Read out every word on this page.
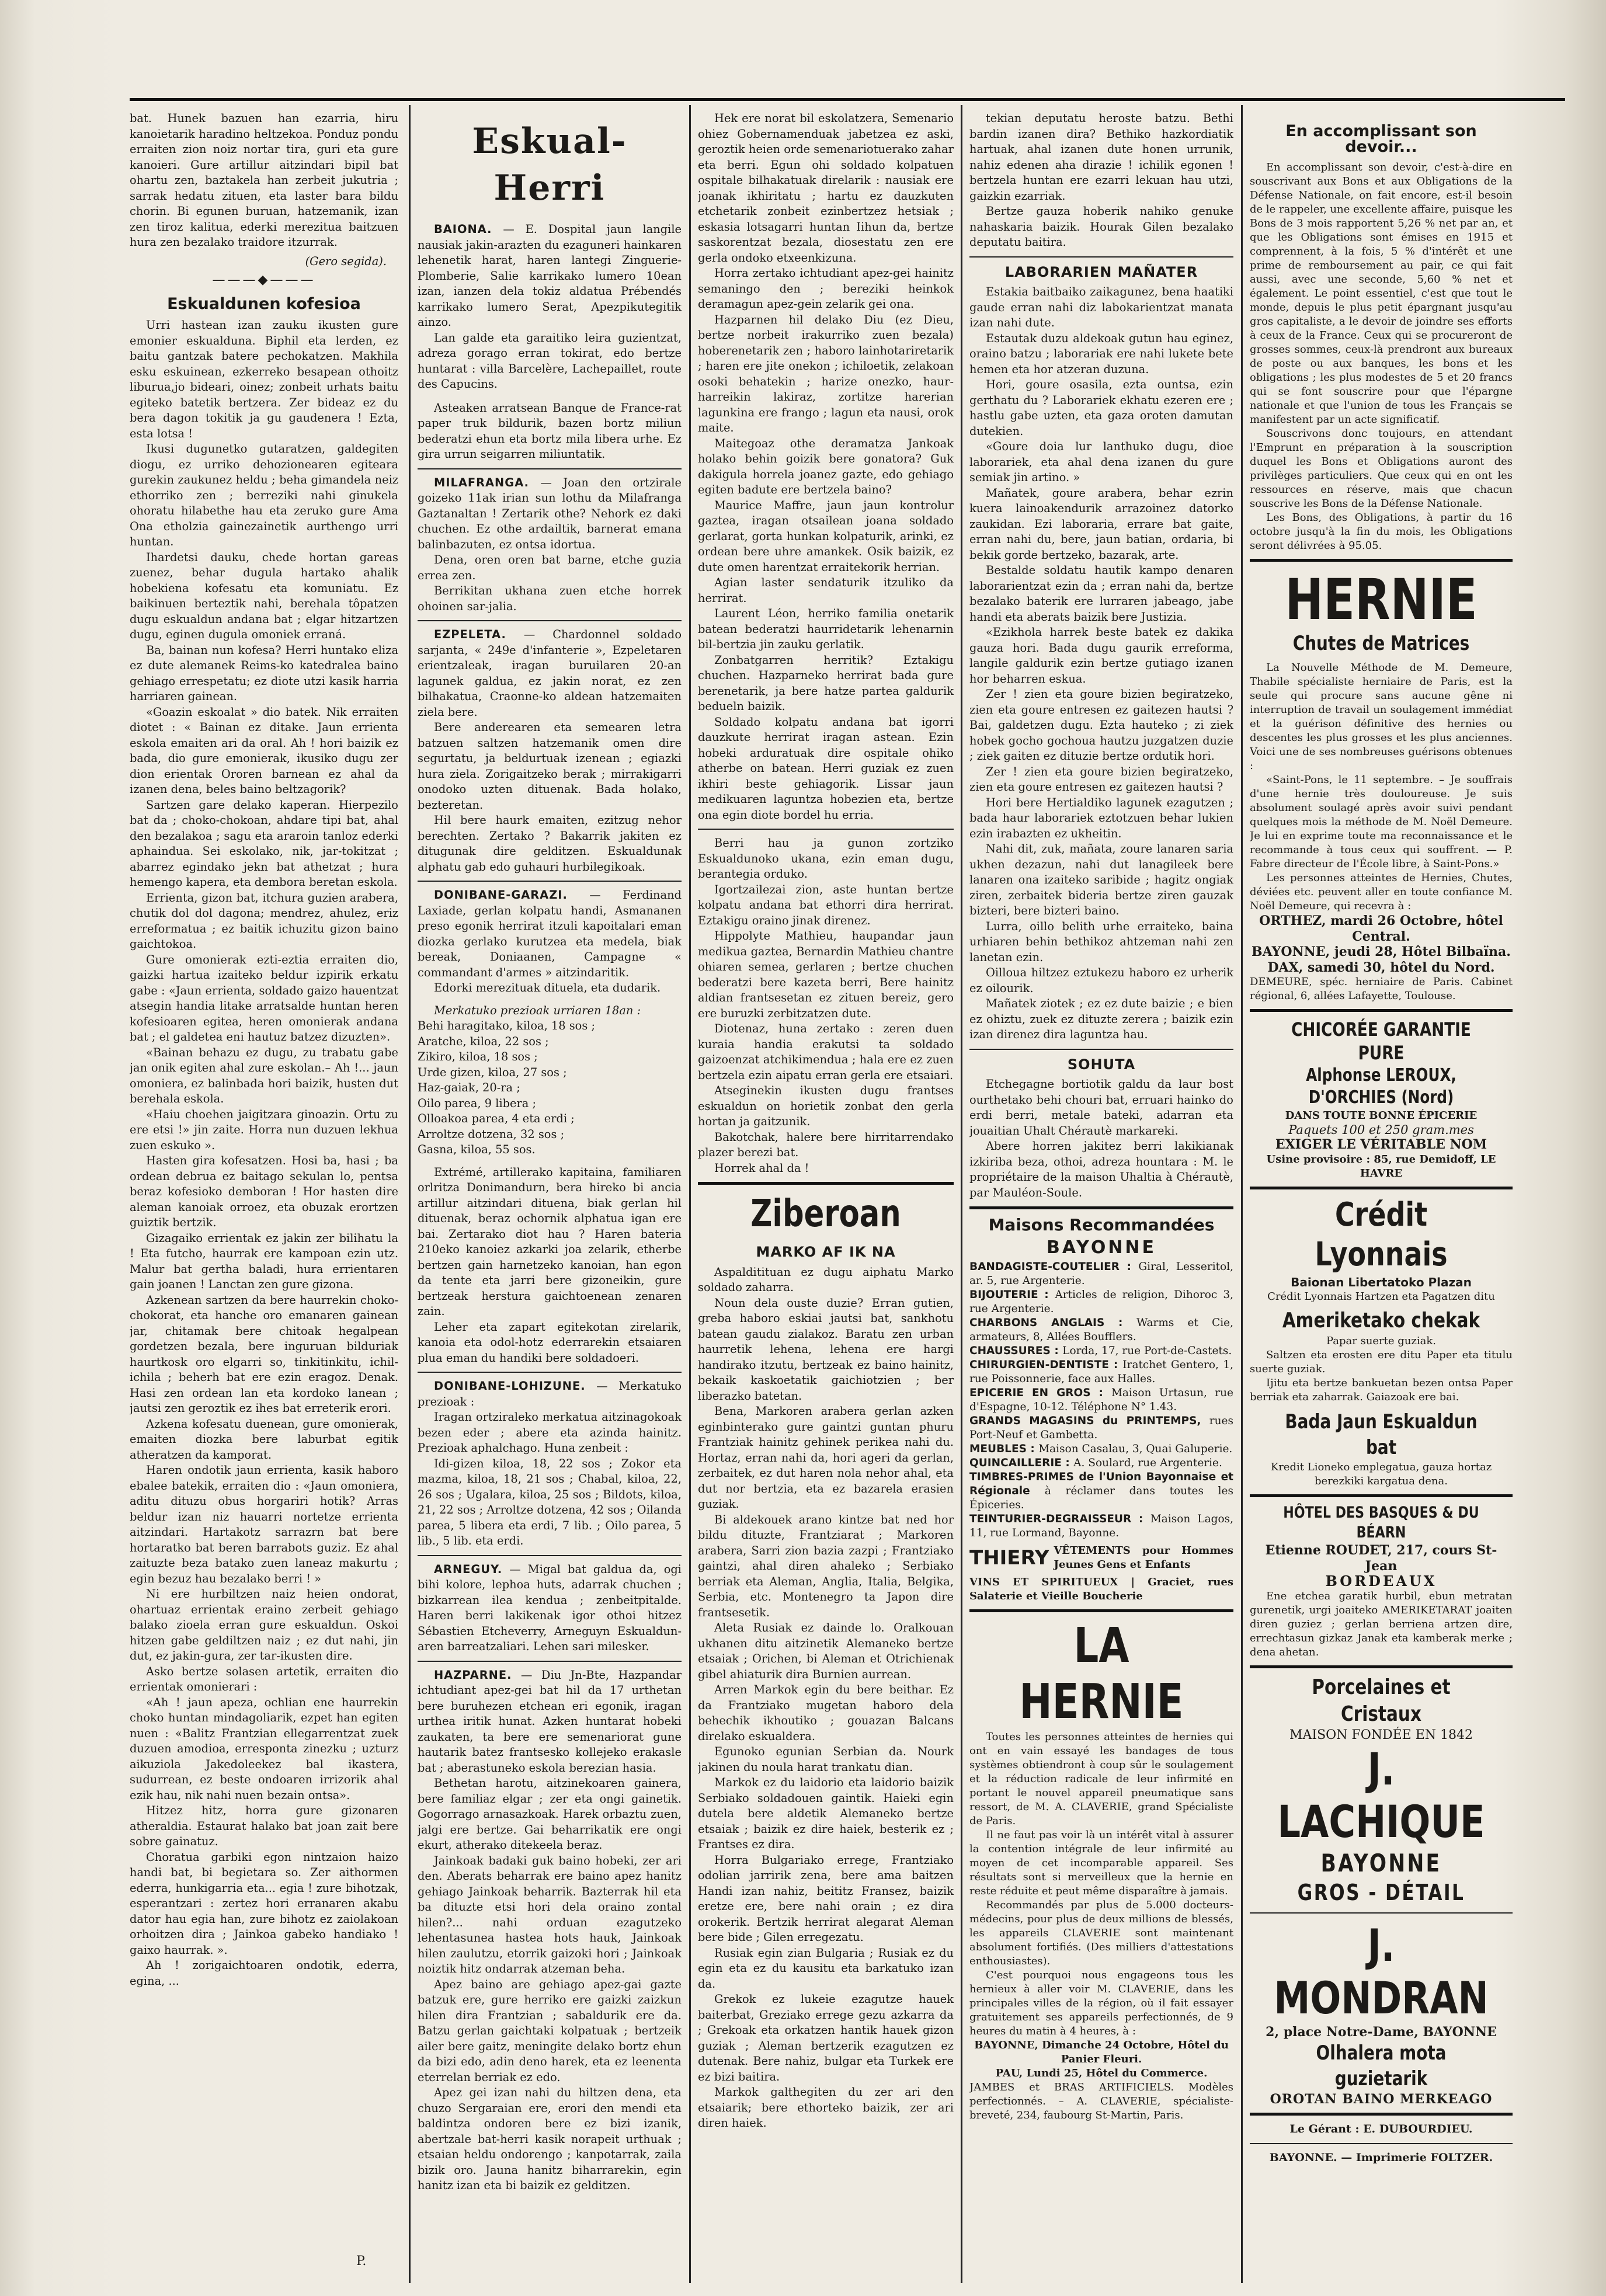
bat. Hunek bazuen han ezarria, hiru kanoietarik haradino heltzekoa. Ponduz pondu erraiten zion noiz nortar tira, guri eta gure kanoieri. Gure artillur aitzindari bipil bat ohartu zen, baztakela han zerbeit jukutria ; sarrak hedatu zituen, eta laster bara bildu chorin. Bi egunen buruan, hatzemanik, izan zen tiroz kalitua, ederki merezitua baitzuen hura zen bezalako traidore itzurrak.

(Gero segida).

———◆———
Eskualdunen kofesioa

Urri hastean izan zauku ikusten gure emonier eskualduna. Biphil eta lerden, ez baitu gantzak batere pechokatzen. Makhila esku eskuinean, ezkerreko besapean othoitz liburua,jo bideari, oinez; zonbeit urhats baitu egiteko batetik bertzera. Zer bideaz ez du bera dagon tokitik ja gu gaudenera ! Ezta, esta lotsa !

Ikusi dugunetko gutaratzen, galdegiten diogu, ez urriko dehozionearen egiteara gurekin zaukunez heldu ; beha gimandela neiz ethorriko zen ; berreziki nahi ginukela ohoratu hilabethe hau eta zeruko gure Ama Ona etholzia gainezainetik aurthengo urri huntan.

Ihardetsi dauku, chede hortan gareas zuenez, behar dugula hartako ahalik hobekiena kofesatu eta komuniatu. Ez baikinuen berteztik nahi, berehala tôpatzen dugu eskualdun andana bat ; elgar hitzartzen dugu, eginen dugula omoniek erraná.

Ba, bainan nun kofesa? Herri huntako eliza ez dute alemanek Reims-ko katedralea baino gehiago errespetatu; ez diote utzi kasik harria harriaren gainean.

«Goazin eskoalat » dio batek. Nik erraiten diotet : « Bainan ez ditake. Jaun errienta eskola emaiten ari da oral. Ah ! hori baizik ez bada, dio gure emonierak, ikusiko dugu zer dion erientak Ororen barnean ez ahal da izanen dena, beles baino beltzagorik?

Sartzen gare delako kaperan. Hierpezilo bat da ; choko-chokoan, ahdare tipi bat, ahal den bezalakoa ; sagu eta araroin tanloz ederki aphaindua. Sei eskolako, nik, jar-tokitzat ; abarrez egindako jekn bat athetzat ; hura hemengo kapera, eta dembora beretan eskola.

Errienta, gizon bat, itchura guzien arabera, chutik dol dol dagona; mendrez, ahulez, eriz erreformatua ; ez baitik ichuzitu gizon baino gaichtokoa.

Gure omonierak ezti-eztia erraiten dio, gaizki hartua izaiteko beldur izpirik erkatu gabe : «Jaun errienta, soldado gaizo hauentzat atsegin handia litake arratsalde huntan heren kofesioaren egitea, heren omonierak andana bat ; el galdetea eni hautuz batzez dizuzten».

«Bainan behazu ez dugu, zu trabatu gabe jan onik egiten ahal zure eskolan.– Ah !... jaun omoniera, ez balinbada hori baizik, husten dut berehala eskola.

«Haiu choehen jaigitzara ginoazin. Ortu zu ere etsi !» jin zaite. Horra nun duzuen lekhua zuen eskuko ».

Hasten gira kofesatzen. Hosi ba, hasi ; ba ordean debrua ez baitago sekulan lo, pentsa beraz kofesioko demboran ! Hor hasten dire aleman kanoiak orroez, eta obuzak erortzen guiztik bertzik.

Gizagaiko errientak ez jakin zer bilihatu la ! Eta futcho, haurrak ere kampoan ezin utz. Malur bat gertha baladi, hura errientaren gain joanen ! Lanctan zen gure gizona.

Azkenean sartzen da bere haurrekin choko-chokorat, eta hanche oro emanaren gainean jar, chitamak bere chitoak hegalpean gordetzen bezala, bere inguruan bilduriak haurtkosk oro elgarri so, tinkitinkitu, ichil-ichila ; beherh bat ere ezin eragoz. Denak. Hasi zen ordean lan eta kordoko lanean ; jautsi zen geroztik ez ihes bat erreterik erori.

Azkena kofesatu duenean, gure omonierak, emaiten diozka bere laburbat egitik atheratzen da kamporat.

Haren ondotik jaun errienta, kasik haboro ebalee batekik, erraiten dio : «Jaun omoniera, aditu dituzu obus horgariri hotik? Arras beldur izan niz hauarri nortetze errienta aitzindari. Hartakotz sarrazrn bat bere hortaratko bat beren barrabots guziz. Ez ahal zaituzte beza batako zuen laneaz makurtu ; egin bezuz hau bezalako berri ! »

Ni ere hurbiltzen naiz heien ondorat, ohartuaz errientak eraino zerbeit gehiago balako zioela erran gure eskualdun. Oskoi hitzen gabe geldiltzen naiz ; ez dut nahi, jin dut, ez jakin-gura, zer tar-ikusten dire.

Asko bertze solasen artetik, erraiten dio errientak omonierari :

«Ah ! jaun apeza, ochlian ene haurrekin choko huntan mindagoliarik, ezpet han egiten nuen : «Balitz Frantzian ellegarrentzat zuek duzuen amodioa, erresponta zinezku ; uzturz aikuziola Jakedoleekez bal ikastera, sudurrean, ez beste ondoaren irrizorik ahal ezik hau, nik nahi nuen bezain ontsa».

Hitzez hitz, horra gure gizonaren atheraldia. Estaurat halako bat joan zait bere sobre gainatuz.

Choratua garbiki egon nintzaion haizo handi bat, bi begietara so. Zer aithormen ederra, hunkigarria eta... egia ! zure bihotzak, esperantzari : zertez hori erranaren akabu dator hau egia han, zure bihotz ez zaiolakoan orhoitzen dira ; Jainkoa gabeko handiako ! gaixo haurrak. ».

Ah ! zorigaichtoaren ondotik, ederra, egina, ...

Eskual-Herri

BAIONA. — E. Dospital jaun langile nausiak jakin-arazten du ezaguneri hainkaren lehenetik harat, haren lantegi Zinguerie-Plomberie, Salie karrikako lumero 10ean izan, ianzen dela tokiz aldatua Prébendés karrikako lumero Serat, Apezpikutegitik ainzo.

Lan galde eta garaitiko leira guzientzat, adreza gorago erran tokirat, edo bertze huntarat : villa Barcelère, Lachepaillet, route des Capucins.

Asteaken arratsean Banque de France-rat paper truk bildurik, bazen bortz miliun bederatzi ehun eta bortz mila libera urhe. Ez gira urrun seigarren miliuntatik.

MILAFRANGA. — Joan den ortzirale goizeko 11ak irian sun lothu da Milafranga Gaztanaltan ! Zertarik othe? Nehork ez daki chuchen. Ez othe ardailtik, barnerat emana balinbazuten, ez ontsa idortua.

Dena, oren oren bat barne, etche guzia errea zen.

Berrikitan ukhana zuen etche horrek ohoinen sar-jalia.

EZPELETA. — Chardonnel soldado sarjanta, « 249e d'infanterie », Ezpeletaren erientzaleak, iragan buruilaren 20-an lagunek galdua, ez jakin norat, ez zen bilhakatua, Craonne-ko aldean hatzemaiten ziela bere.

Bere anderearen eta semearen letra batzuen saltzen hatzemanik omen dire segurtatu, ja beldurtuak izenean ; egiazki hura ziela. Zorigaitzeko berak ; mirrakigarri onodoko uzten dituenak. Bada holako, bezteretan.

Hil bere haurk emaiten, ezitzug nehor berechten. Zertako ? Bakarrik jakiten ez ditugunak dire gelditzen. Eskualdunak alphatu gab edo guhauri hurbilegikoak.

DONIBANE-GARAZI. — Ferdinand Laxiade, gerlan kolpatu handi, Asmananen preso egonik herrirat itzuli kapoitalari eman diozka gerlako kurutzea eta medela, biak bereak, Doniaanen, Campagne « commandant d'armes » aitzindaritik.

Edorki merezituak dituela, eta dudarik.

Merkatuko prezioak urriaren 18an :

Behi haragitako, kiloa, 18 sos ;

Aratche, kiloa, 22 sos ;

Zikiro, kiloa, 18 sos ;

Urde gizen, kiloa, 27 sos ;

Haz-gaiak, 20-ra ;

Oilo parea, 9 libera ;

Olloakoa parea, 4 eta erdi ;

Arroltze dotzena, 32 sos ;

Gasna, kiloa, 55 sos.

Extrémé, artillerako kapitaina, familiaren orlritza Donimandurn, bera hireko bi ancia artillur aitzindari dituena, biak gerlan hil dituenak, beraz ochornik alphatua igan ere bai. Zertarako diot hau ? Haren bateria 210eko kanoiez azkarki joa zelarik, etherbe bertzen gain harnetzeko kanoian, han egon da tente eta jarri bere gizoneikin, gure bertzeak herstura gaichtoenean zenaren zain.

Leher eta zapart egitekotan zirelarik, kanoia eta odol-hotz ederrarekin etsaiaren plua eman du handiki bere soldadoeri.

DONIBANE-LOHIZUNE. — Merkatuko prezioak :

Iragan ortziraleko merkatua aitzinagokoak bezen eder ; abere eta azinda hainitz. Prezioak aphalchago. Huna zenbeit :

Idi-gizen kiloa, 18, 22 sos ; Zokor eta mazma, kiloa, 18, 21 sos ; Chabal, kiloa, 22, 26 sos ; Ugalara, kiloa, 25 sos ; Bildots, kiloa, 21, 22 sos ; Arroltze dotzena, 42 sos ; Oilanda parea, 5 libera eta erdi, 7 lib. ; Oilo parea, 5 lib., 5 lib. eta erdi.

ARNEGUY. — Migal bat galdua da, ogi bihi kolore, lephoa huts, adarrak chuchen ; bizkarrean ilea kendua ; zenbeitpitalde. Haren berri lakikenak igor othoi hitzez Sébastien Etcheverry, Arneguyn Eskualdun-aren barreatzaliari. Lehen sari milesker.

HAZPARNE. — Diu Jn-Bte, Hazpandar ichtudiant apez-gei bat hil da 17 urthetan bere buruhezen etchean eri egonik, iragan urthea iritik hunat. Azken huntarat hobeki zaukaten, ta bere ere semenariorat gune hautarik batez frantsesko kollejeko erakasle bat ; aberastuneko eskola berezian hasia.

Bethetan harotu, aitzinekoaren gainera, bere familiaz elgar ; zer eta ongi gainetik. Gogorrago arnasazkoak. Harek orbaztu zuen, jalgi ere bertze. Gai beharrikatik ere ongi ekurt, atherako ditekeela beraz.

Jainkoak badaki guk baino hobeki, zer ari den. Aberats beharrak ere baino apez hanitz gehiago Jainkoak beharrik. Bazterrak hil eta ba dituzte etsi hori dela oraino zontal hilen?... nahi orduan ezagutzeko lehentasunea hastea hots hauk, Jainkoak hilen zaulutzu, etorrik gaizoki hori ; Jainkoak noiztik hitz ondarrak atzeman beha.

Apez baino are gehiago apez-gai gazte batzuk ere, gure herriko ere gaizki zaizkun hilen dira Frantzian ; sabaldurik ere da. Batzu gerlan gaichtaki kolpatuak ; bertzeik ailer bere gaitz, meningite delako bortz ehun da bizi edo, adin deno harek, eta ez leenenta eterrelan berriak ez edo.

Apez gei izan nahi du hiltzen dena, eta chuzo Sergaraian ere, erori den mendi eta baldintza ondoren bere ez bizi izanik, abertzale bat-herri kasik norapeit urthuak ; etsaian heldu ondorengo ; kanpotarrak, zaila bizik oro. Jauna hanitz biharrarekin, egin hanitz izan eta bi baizik ez gelditzen.

Hek ere norat bil eskolatzera, Semenario ohiez Gobernamenduak jabetzea ez aski, geroztik heien orde semenariotuerako zahar eta berri. Egun ohi soldado kolpatuen ospitale bilhakatuak direlarik : nausiak ere joanak ikhiritatu ; hartu ez dauzkuten etchetarik zonbeit ezinbertzez hetsiak ; eskasia lotsagarri huntan Iihun da, bertze saskorentzat bezala, diosestatu zen ere gerla ondoko etxeenkizuna.

Horra zertako ichtudiant apez-gei hainitz semaningo den ; bereziki heinkok deramagun apez-gein zelarik gei ona.

Hazparnen hil delako Diu (ez Dieu, bertze norbeit irakurriko zuen bezala) hoberenetarik zen ; haboro lainhotariretarik ; haren ere jite onekon ; ichiloetik, zelakoan osoki behatekin ; harize onezko, haur-harreikin lakiraz, zortitze harerian lagunkina ere frango ; lagun eta nausi, orok maite.

Maitegoaz othe deramatza Jankoak holako behin goizik bere gonatora? Guk dakigula horrela joanez gazte, edo gehiago egiten badute ere bertzela baino?

Maurice Maffre, jaun jaun kontrolur gaztea, iragan otsailean joana soldado gerlarat, gorta hunkan kolpaturik, arinki, ez ordean bere uhre amankek. Osik baizik, ez dute omen harentzat erraitekorik herrian.

Agian laster sendaturik itzuliko da herrirat.

Laurent Léon, herriko familia onetarik batean bederatzi haurridetarik lehenarnin bil-bertzia jin zauku gerlatik.

Zonbatgarren herritik? Eztakigu chuchen. Hazparneko herrirat bada gure berenetarik, ja bere hatze partea galdurik bedueln baizik.

Soldado kolpatu andana bat igorri dauzkute herrirat iragan astean. Ezin hobeki arduratuak dire ospitale ohiko atherbe on batean. Herri guziak ez zuen ikhiri beste gehiagorik. Lissar jaun medikuaren laguntza hobezien eta, bertze ona egin diote bordel hu erria.

Berri hau ja gunon zortziko Eskualdunoko ukana, ezin eman dugu, berantegia orduko.

Igortzailezai zion, aste huntan bertze kolpatu andana bat ethorri dira herrirat. Eztakigu oraino jinak direnez.

Hippolyte Mathieu, haupandar jaun medikua gaztea, Bernardin Mathieu chantre ohiaren semea, gerlaren ; bertze chuchen bederatzi bere kazeta berri, Bere hainitz aldian frantsesetan ez zituen bereiz, gero ere buruzki zerbitzatzen dute.

Diotenaz, huna zertako : zeren duen kuraia handia erakutsi ta soldado gaizoenzat atchikimendua ; hala ere ez zuen bertzela ezin aipatu erran gerla ere etsaiari.

Atseginekin ikusten dugu frantses eskualdun on horietik zonbat den gerla hortan ja gaitzunik.

Bakotchak, halere bere hirritarrendako plazer berezi bat.

Horrek ahal da !

Ziberoan
MARKO AF IK NA

Aspalditituan ez dugu aiphatu Marko soldado zaharra.

Noun dela ouste duzie? Erran gutien, greba haboro eskiai jautsi bat, sankhotu batean gaudu zialakoz. Baratu zen urban haurretik lehena, lehena ere hargi handirako itzutu, bertzeak ez baino hainitz, bekaik kaskoetatik gaichiotzien ; ber liberazko batetan.

Bena, Markoren arabera gerlan azken eginbinterako gure gaintzi guntan phuru Frantziak hainitz gehinek perikea nahi du. Hortaz, erran nahi da, hori ageri da gerlan, zerbaitek, ez dut haren nola nehor ahal, eta dut nor bertzia, eta ez bazarela erasien guziak.

Bi aldekouek arano kintze bat ned hor bildu dituzte, Frantziarat ; Markoren arabera, Sarri zion bazia zazpi ; Frantziako gaintzi, ahal diren ahaleko ; Serbiako berriak eta Aleman, Anglia, Italia, Belgika, Serbia, etc. Montenegro ta Japon dire frantsesetik.

Aleta Rusiak ez dainde lo. Oralkouan ukhanen ditu aitzinetik Alemaneko bertze etsaiak ; Orichen, bi Aleman et Otrichienak gibel ahiaturik dira Burnien aurrean.

Arren Markok egin du bere beithar. Ez da Frantziako mugetan haboro dela behechik ikhoutiko ; gouazan Balcans direlako eskualdera.

Egunoko egunian Serbian da. Nourk jakinen du noula harat trankatu dian.

Markok ez du laidorio eta laidorio baizik Serbiako soldadouen gaintik. Haieki egin dutela bere aldetik Alemaneko bertze etsaiak ; baizik ez dire haiek, besterik ez ; Frantses ez dira.

Horra Bulgariako errege, Frantziako odolian jarririk zena, bere ama baitzen Handi izan nahiz, beititz Fransez, baizik eretze ere, bere nahi orain ; ez dira orokerik. Bertzik herrirat alegarat Aleman bere bide ; Gilen erregezatu.

Rusiak egin zian Bulgaria ; Rusiak ez du egin eta ez du kausitu eta barkatuko izan da.

Grekok ez lukeie ezagutze hauek baiterbat, Greziako errege gezu azkarra da ; Grekoak eta orkatzen hantik hauek gizon guziak ; Aleman bertzerik ezagutzen ez dutenak. Bere nahiz, bulgar eta Turkek ere ez bizi baitira.

Markok galthegiten du zer ari den etsaiarik; bere ethorteko baizik, zer ari diren haiek.

tekian deputatu heroste batzu. Bethi bardin izanen dira? Bethiko hazkordiatik hartuak, ahal izanen dute honen urrunik, nahiz edenen aha dirazie ! ichilik egonen ! bertzela huntan ere ezarri lekuan hau utzi, gaizkin ezarriak.

Bertze gauza hoberik nahiko genuke nahaskaria baizik. Hourak Gilen bezalako deputatu baitira.

LABORARIEN MAÑATER

Estakia baitbaiko zaikagunez, bena haatiki gaude erran nahi diz labokarientzat manata izan nahi dute.

Estautak duzu aldekoak gutun hau eginez, oraino batzu ; laborariak ere nahi lukete bete hemen eta hor atzeran duzuna.

Hori, goure osasila, ezta ountsa, ezin gerthatu du ? Laborariek ekhatu ezeren ere ; hastlu gabe uzten, eta gaza oroten damutan dutekien.

«Goure doia lur lanthuko dugu, dioe laborariek, eta ahal dena izanen du gure semiak jin artino. »

Mañatek, goure arabera, behar ezrin kuera lainoakendurik arrazoinez datorko zaukidan. Ezi laboraria, errare bat gaite, erran nahi du, bere, jaun batian, ordaria, bi bekik gorde bertzeko, bazarak, arte.

Bestalde soldatu hautik kampo denaren laborarientzat ezin da ; erran nahi da, bertze bezalako baterik ere lurraren jabeago, jabe handi eta aberats baizik bere Justizia.

«Ezikhola harrek beste batek ez dakika gauza hori. Bada dugu gaurik erreforma, langile galdurik ezin bertze gutiago izanen hor beharren eskua.

Zer ! zien eta goure bizien begiratzeko, zien eta goure entresen ez gaitezen hautsi ? Bai, galdetzen dugu. Ezta hauteko ; zi ziek hobek gocho gochoua hautzu juzgatzen duzie ; ziek gaiten ez dituzie bertze ordutik hori.

Zer ! zien eta goure bizien begiratzeko, zien eta goure entresen ez gaitezen hautsi ?

Hori bere Hertialdiko lagunek ezagutzen ; bada haur laborariek eztotzuen behar lukien ezin irabazten ez ukheitin.

Nahi dit, zuk, mañata, zoure lanaren saria ukhen dezazun, nahi dut lanagileek bere lanaren ona izaiteko saribide ; hagitz ongiak ziren, zerbaitek bideria bertze ziren gauzak bizteri, bere bizteri baino.

Lurra, oillo belith urhe erraiteko, baina urhiaren behin bethikoz ahtzeman nahi zen lanetan ezin.

Oilloua hiltzez eztukezu haboro ez urherik ez oilourik.

Mañatek ziotek ; ez ez dute baizie ; e bien ez ohiztu, zuek ez dituzte zerera ; baizik ezin izan direnez dira laguntza hau.

SOHUTA

Etchegagne bortiotik galdu da laur bost ourthetako behi chouri bat, erruari hainko do erdi berri, metale bateki, adarran eta jouaitian Uhalt Chérautè markareki.

Abere horren jakitez berri lakikianak izkiriba beza, othoi, adreza hountara : M. le propriétaire de la maison Uhaltia à Chérautè, par Mauléon-Soule.

Maisons Recommandées
BAYONNE

BANDAGISTE-COUTELIER : Giral, Lesseritol, ar. 5, rue Argenterie.

BIJOUTERIE : Articles de religion, Dihoroc 3, rue Argenterie.

CHARBONS ANGLAIS : Warms et Cie, armateurs, 8, Allées Boufflers.

CHAUSSURES : Lorda, 17, rue Port-de-Castets.

CHIRURGIEN-DENTISTE : Iratchet Gentero, 1, rue Poissonnerie, face aux Halles.

EPICERIE EN GROS : Maison Urtasun, rue d'Espagne, 10-12. Téléphone N° 1.43.

GRANDS MAGASINS du PRINTEMPS, rues Port-Neuf et Gambetta.

MEUBLES : Maison Casalau, 3, Quai Galuperie.

QUINCAILLERIE : A. Soulard, rue Argenterie.

TIMBRES-PRIMES de l'Union Bayonnaise et Régionale à réclamer dans toutes les Épiceries.

TEINTURIER-DEGRAISSEUR : Maison Lagos, 11, rue Lormand, Bayonne.

THIERY VÊTEMENTS pour Hommes Jeunes Gens et Enfants

VINS ET SPIRITUEUX | Graciet, rues Salaterie et Vieille Boucherie

LA HERNIE

Toutes les personnes atteintes de hernies qui ont en vain essayé les bandages de tous systèmes obtiendront à coup sûr le soulagement et la réduction radicale de leur infirmité en portant le nouvel appareil pneumatique sans ressort, de M. A. CLAVERIE, grand Spécialiste de Paris.

Il ne faut pas voir là un intérêt vital à assurer la contention intégrale de leur infirmité au moyen de cet incomparable appareil. Ses résultats sont si merveilleux que la hernie en reste réduite et peut même disparaître à jamais.

Recommandés par plus de 5.000 docteurs-médecins, pour plus de deux millions de blessés, les appareils CLAVERIE sont maintenant absolument fortifiés. (Des milliers d'attestations enthousiastes).

C'est pourquoi nous engageons tous les hernieux à aller voir M. CLAVERIE, dans les principales villes de la région, où il fait essayer gratuitement ses appareils perfectionnés, de 9 heures du matin à 4 heures, à :

BAYONNE, Dimanche 24 Octobre, Hôtel du Panier Fleuri.

PAU, Lundi 25, Hôtel du Commerce.

JAMBES et BRAS ARTIFICIELS. Modèles perfectionnés. – A. CLAVERIE, spécialiste-breveté, 234, faubourg St-Martin, Paris.

En accomplissant son devoir...

En accomplissant son devoir, c'est-à-dire en souscrivant aux Bons et aux Obligations de la Défense Nationale, on fait encore, est-il besoin de le rappeler, une excellente affaire, puisque les Bons de 3 mois rapportent 5,26 % net par an, et que les Obligations sont émises en 1915 et comprennent, à la fois, 5 % d'intérêt et une prime de remboursement au pair, ce qui fait aussi, avec une seconde, 5,60 % net et également. Le point essentiel, c'est que tout le monde, depuis le plus petit épargnant jusqu'au gros capitaliste, a le devoir de joindre ses efforts à ceux de la France. Ceux qui se procureront de grosses sommes, ceux-là prendront aux bureaux de poste ou aux banques, les bons et les obligations ; les plus modestes de 5 et 20 francs qui se font souscrire pour que l'épargne nationale et que l'union de tous les Français se manifestent par un acte significatif.

Souscrivons donc toujours, en attendant l'Emprunt en préparation à la souscription duquel les Bons et Obligations auront des privilèges particuliers. Que ceux qui en ont les ressources en réserve, mais que chacun souscrive les Bons de la Défense Nationale.

Les Bons, des Obligations, à partir du 16 octobre jusqu'à la fin du mois, les Obligations seront délivrées à 95.05.

HERNIE
Chutes de Matrices

La Nouvelle Méthode de M. Demeure, Thabile spécialiste herniaire de Paris, est la seule qui procure sans aucune gêne ni interruption de travail un soulagement immédiat et la guérison définitive des hernies ou descentes les plus grosses et les plus anciennes. Voici une de ses nombreuses guérisons obtenues :

«Saint-Pons, le 11 septembre. – Je souffrais d'une hernie très douloureuse. Je suis absolument soulagé après avoir suivi pendant quelques mois la méthode de M. Noël Demeure. Je lui en exprime toute ma reconnaissance et le recommande à tous ceux qui souffrent. — P. Fabre directeur de l'École libre, à Saint-Pons.»

Les personnes atteintes de Hernies, Chutes, déviées etc. peuvent aller en toute confiance M. Noël Demeure, qui recevra à :

ORTHEZ, mardi 26 Octobre, hôtel Central.

BAYONNE, jeudi 28, Hôtel Bilbaïna.

DAX, samedi 30, hôtel du Nord.

DEMEURE, spéc. herniaire de Paris. Cabinet régional, 6, allées Lafayette, Toulouse.

CHICORÉE GARANTIE PURE
Alphonse LEROUX, D'ORCHIES (Nord)

DANS TOUTE BONNE ÉPICERIE

Paquets 100 et 250 gram.mes

EXIGER LE VÉRITABLE NOM

Usine provisoire : 85, rue Demidoff, LE HAVRE

Crédit Lyonnais

Baionan Libertatoko Plazan

Crédit Lyonnais Hartzen eta Pagatzen ditu

Ameriketako chekak

Papar suerte guziak.

Saltzen eta erosten ere ditu Paper eta titulu suerte guziak.

Ijitu eta bertze bankuetan bezen ontsa Paper berriak eta zaharrak. Gaiazoak ere bai.

Bada Jaun Eskualdun bat

Kredit Lioneko emplegatua, gauza hortaz berezkiki kargatua dena.

HÔTEL DES BASQUES & DU BÉARN

Etienne ROUDET, 217, cours St-Jean

BORDEAUX

Ene etchea garatik hurbil, ebun metratan gurenetik, urgi joaiteko AMERIKETARAT joaiten diren guziez ; gerlan berriena artzen dire, errechtasun gizkaz Janak eta kamberak merke ; dena ahetan.

Porcelaines et Cristaux

MAISON FONDÉE EN 1842

J. LACHIQUE
BAYONNE
GROS - DÉTAIL
J. MONDRAN

2, place Notre-Dame, BAYONNE

Olhalera mota guzietarik

OROTAN BAINO MERKEAGO

Le Gérant : E. DUBOURDIEU.

BAYONNE. — Imprimerie FOLTZER.

P.
